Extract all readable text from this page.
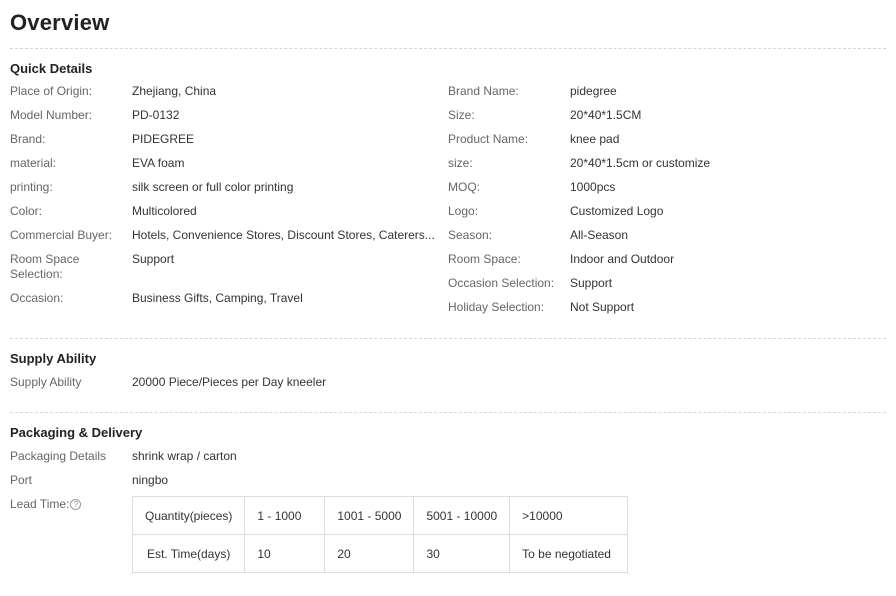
Overview
Quick Details
Place of Origin:	Zhejiang, China
Model Number:	PD-0132
Brand:	PIDEGREE
material:	EVA foam
printing:	silk screen or full color printing
Color:	Multicolored
Commercial Buyer:	Hotels, Convenience Stores, Discount Stores, Caterers...
Room Space Selection:
Support
Occasion:	Business Gifts, Camping, Travel
Brand Name:	pidegree
Size:	20*40*1.5CM
Product Name:	knee pad
size:	20*40*1.5cm or customize
MOQ:	1000pcs
Logo:	Customized Logo
Season:	All-Season
Room Space:	Indoor and Outdoor
Occasion Selection:	Support
Holiday Selection:	Not Support
Supply Ability
Supply Ability	20000 Piece/Pieces per Day kneeler
Packaging & Delivery
Packaging Details	shrink wrap / carton
Port	ningbo
Lead Time: ?
Quantity(pieces)	1 - 1000	1001 - 5000	5001 - 10000	>10000
Est. Time(days)	10	20	30	To be negotiated
